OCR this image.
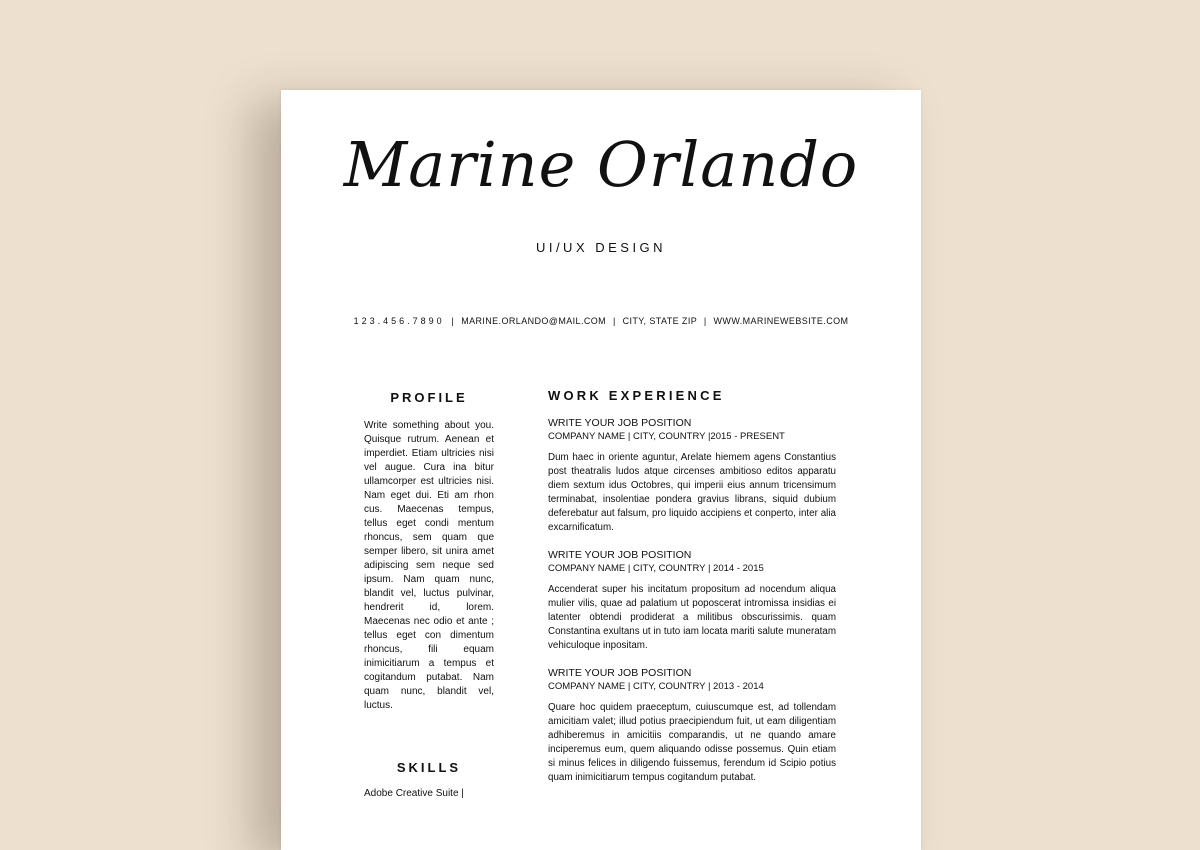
Marine Orlando
UI/UX DESIGN
123.456.7890 | MARINE.ORLANDO@MAIL.COM | CITY, STATE ZIP | WWW.MARINEWEBSITE.COM
PROFILE
Write something about you. Quisque rutrum. Aenean et imperdiet. Etiam ultricies nisi vel augue. Cura ina bitur ullamcorper est ultricies nisi. Nam eget dui. Eti am rhon cus. Maecenas tempus, tellus eget condi mentum rhoncus, sem quam que semper libero, sit unira amet adipiscing sem neque sed ipsum. Nam quam nunc, blandit vel, luctus pulvinar, hendrerit id, lorem. Maecenas nec odio et ante ; tellus eget con dimentum rhoncus, fili equam inimicitiarum a tempus et cogitandum putabat. Nam quam nunc, blandit vel, luctus.
SKILLS
Adobe Creative Suite |
WORK EXPERIENCE
WRITE YOUR JOB POSITION
COMPANY NAME | CITY, COUNTRY |2015 - PRESENT
Dum haec in oriente aguntur, Arelate hiemem agens Constantius post theatralis ludos atque circenses ambitioso editos apparatu diem sextum idus Octobres, qui imperii eius annum tricensimum terminabat, insolentiae pondera gravius librans, siquid dubium deferebatur aut falsum, pro liquido accipiens et conperto, inter alia excarnificatum.
WRITE YOUR JOB POSITION
COMPANY NAME | CITY, COUNTRY | 2014 - 2015
Accenderat super his incitatum propositum ad nocendum aliqua mulier vilis, quae ad palatium ut poposcerat intromissa insidias ei latenter obtendi prodiderat a militibus obscurissimis. quam Constantina exultans ut in tuto iam locata mariti salute muneratam vehiculoque inpositam.
WRITE YOUR JOB POSITION
COMPANY NAME | CITY, COUNTRY | 2013 - 2014
Quare hoc quidem praeceptum, cuiuscumque est, ad tollendam amicitiam valet; illud potius praecipiendum fuit, ut eam diligentiam adhiberemus in amicitiis comparandis, ut ne quando amare inciperemus eum, quem aliquando odisse possemus. Quin etiam si minus felices in diligendo fuissemus, ferendum id Scipio potius quam inimicitiarum tempus cogitandum putabat.
